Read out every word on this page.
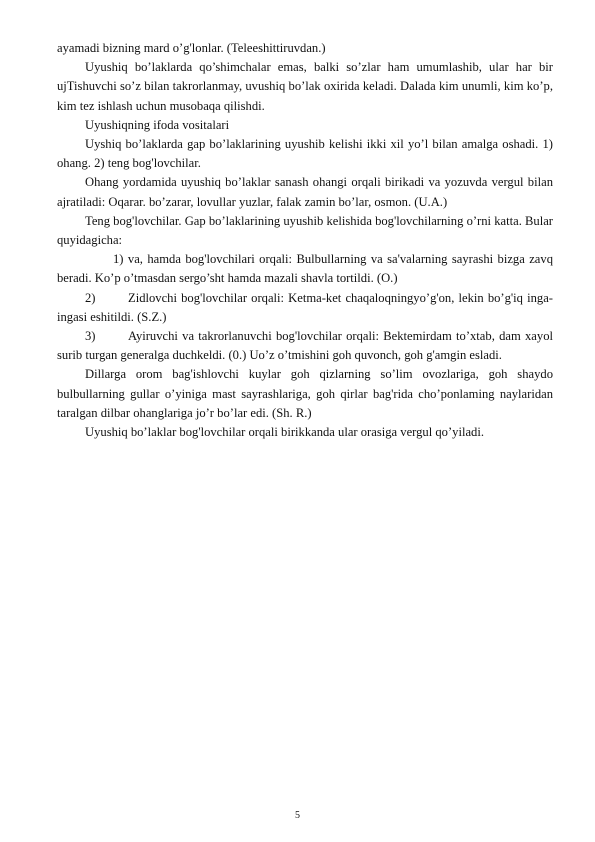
ayamadi bizning mard o’g'lonlar. (Teleeshittiruvdan.)

Uyushiq bo’laklarda qo’shimchalar emas, balki so’zlar ham umumlashib, ular har bir ujTishuvchi so’z bilan takrorlanmay, uvushiq bo’lak oxirida keladi. Dalada kim unumli, kim ko’p, kim tez ishlash uchun musobaqa qilishdi.

Uyushiqning ifoda vositalari

Uyshiq bo’laklarda gap bo’laklarining uyushib kelishi ikki xil yo’l bilan amalga oshadi. 1) ohang. 2) teng bog'lovchilar.

Ohang yordamida uyushiq bo’laklar sanash ohangi orqali birikadi va yozuvda vergul bilan ajratiladi: Oqarar. bo’zarar, lovullar yuzlar, falak zamin bo’lar, osmon. (U.A.)

Teng bog'lovchilar. Gap bo’laklarining uyushib kelishida bog'lovchilarning o’rni katta. Bular quyidagicha:

1) va, hamda bog'lovchilari orqali: Bulbullarning va sa'valarning sayrashi bizga zavq beradi. Ko’p o’tmasdan sergo’sht hamda mazali shavla tortildi. (O.)

2)	Zidlovchi bog'lovchilar orqali: Ketma-ket chaqaloqningyo’g'on, lekin bo’g'iq inga-ingasi eshitildi. (S.Z.)

3)	Ayiruvchi va takrorlanuvchi bog'lovchilar orqali: Bektemirdam to’xtab, dam xayol surib turgan generalga duchkeldi. (0.) Uo’z o’tmishini goh quvonch, goh g'amgin esladi.

Dillarga orom bag'ishlovchi kuylar goh qizlarning so’lim ovozlariga, goh shaydo bulbullarning gullar o’yiniga mast sayrashlariga, goh qirlar bag'rida cho’ponlaming naylaridan taralgan dilbar ohanglariga jo’r bo’lar edi. (Sh. R.)

Uyushiq bo’laklar bog'lovchilar orqali birikkanda ular orasiga vergul qo’yiladi.

5
